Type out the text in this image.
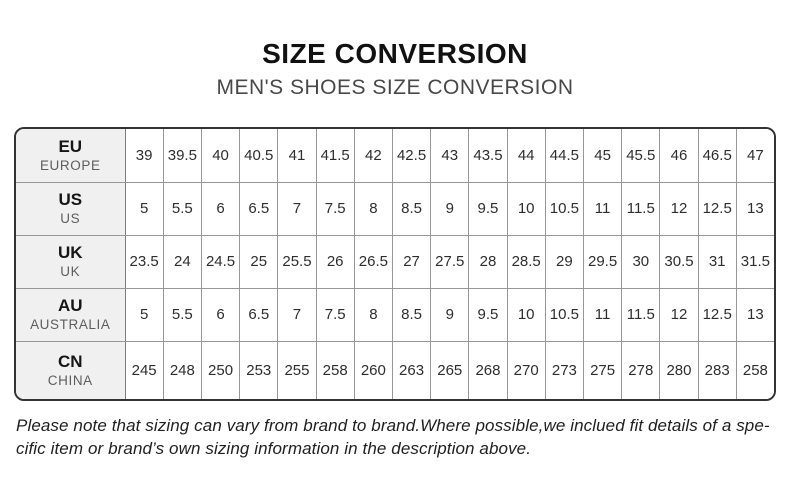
SIZE CONVERSION
MEN'S SHOES SIZE CONVERSION
EU
EUROPE	39	39.5	40	40.5	41	41.5	42	42.5	43	43.5	44	44.5	45	45.5	46	46.5	47

US
US	5	5.5	6	6.5	7	7.5	8	8.5	9	9.5	10	10.5	11	11.5	12	12.5	13

UK
UK	23.5	24	24.5	25	25.5	26	26.5	27	27.5	28	28.5	29	29.5	30	30.5	31	31.5

AU
AUSTRALIA	5	5.5	6	6.5	7	7.5	8	8.5	9	9.5	10	10.5	11	11.5	12	12.5	13

CN
CHINA	245	248	250	253	255	258	260	263	265	268	270	273	275	278	280	283	258

Please note that sizing can vary from brand to brand.Where possible,we inclued fit details of a spe-
cific item or brand’s own sizing information in the description above.
